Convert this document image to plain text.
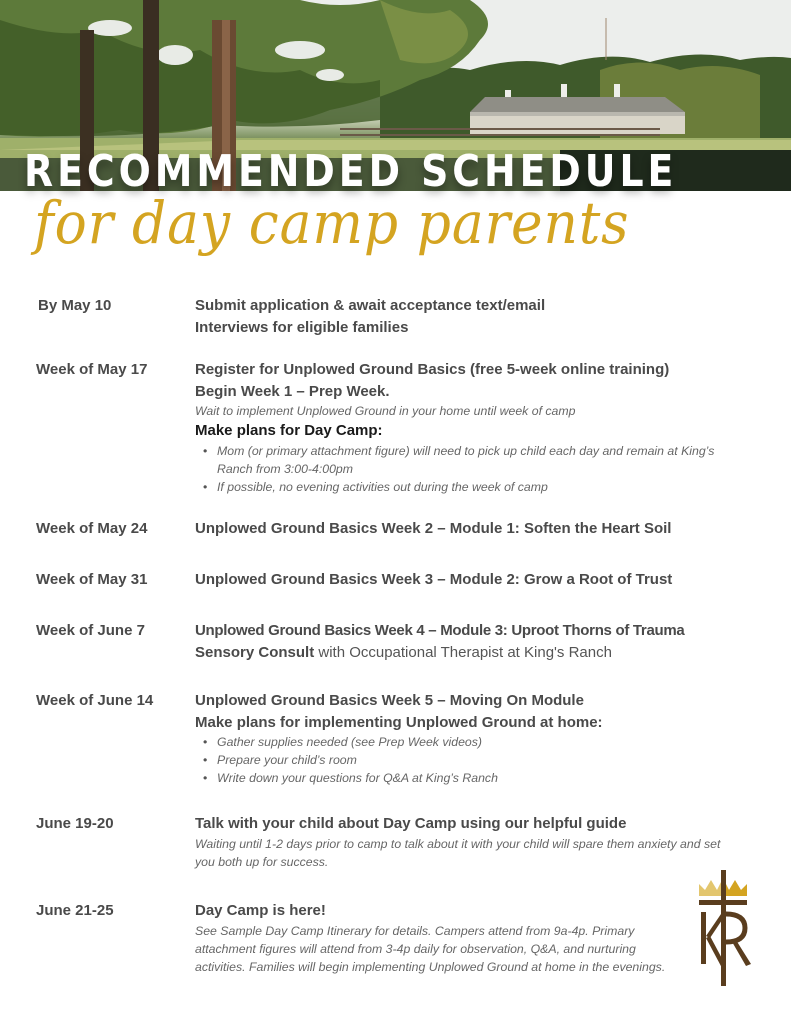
RECOMMENDED SCHEDULE
for day camp parents
By May 10	Submit application & await acceptance text/email
Interviews for eligible families
Week of May 17	Register for Unplowed Ground Basics (free 5-week online training)
Begin Week 1 – Prep Week.
Wait to implement Unplowed Ground in your home until week of camp
Make plans for Day Camp:
• Mom (or primary attachment figure) will need to pick up child each day and remain at King’s Ranch from 3:00-4:00pm
• If possible, no evening activities out during the week of camp
Week of May 24	Unplowed Ground Basics Week 2 – Module 1: Soften the Heart Soil
Week of May 31	Unplowed Ground Basics Week 3 – Module 2: Grow a Root of Trust
Week of June 7	Unplowed Ground Basics Week 4 – Module 3: Uproot Thorns of Trauma
Sensory Consult with Occupational Therapist at King's Ranch
Week of June 14	Unplowed Ground Basics Week 5 – Moving On Module
Make plans for implementing Unplowed Ground at home:
• Gather supplies needed (see Prep Week videos)
• Prepare your child’s room
• Write down your questions for Q&A at King’s Ranch
June 19-20	Talk with your child about Day Camp using our helpful guide
Waiting until 1-2 days prior to camp to talk about it with your child will spare them anxiety and set you both up for success.
June 21-25	Day Camp is here!
See Sample Day Camp Itinerary for details. Campers attend from 9a-4p. Primary attachment figures will attend from 3-4p daily for observation, Q&A, and nurturing activities. Families will begin implementing Unplowed Ground at home in the evenings.
